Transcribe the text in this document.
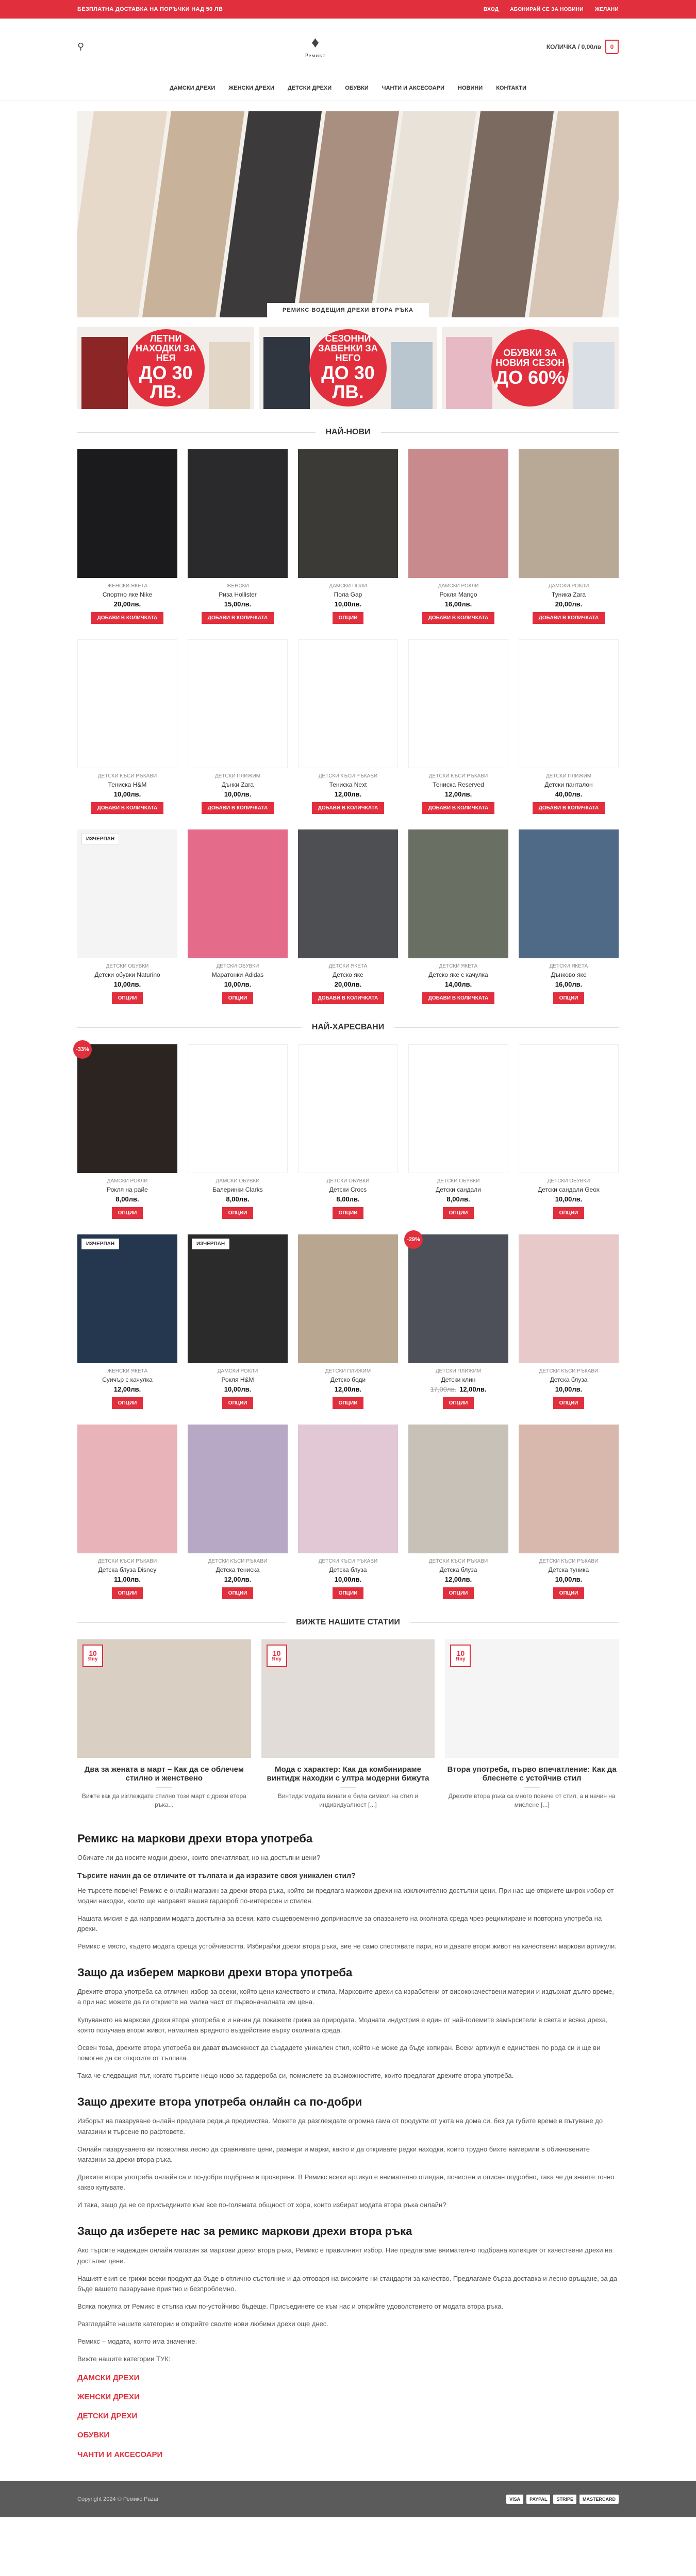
БЕЗПЛАТНА ДОСТАВКА НА ПОРЪЧКИ НАД 50 ЛВ	ВХОД АБОНИРАЙ СЕ ЗА НОВИНИ ЖЕЛАНИ
⚲	♦
Ремикс
КОЛИЧКА / 0,00лв	0
ДАМСКИ ДРЕХИ ЖЕНСКИ ДРЕХИ ДЕТСКИ ДРЕХИ ОБУВКИ ЧАНТИ И АКСЕСОАРИ НОВИНИ КОНТАКТИ
РЕМИКС ВОДЕЩИЯ ДРЕХИ ВТОРА РЪКА
ЛЕТНИ НАХОДКИ ЗА НЕЯ
ДО 30 ЛВ.
СЕЗОННИ ЗАВЕНКИ ЗА НЕГО
ДО 30 ЛВ.
ОБУВКИ ЗА НОВИЯ СЕЗОН
ДО 60%
НАЙ-НОВИ
ЖЕНСКИ ЯКЕТА
Спортно яке Nike
20,00лв.
ДОБАВИ В КОЛИЧКАТА
ЖЕНСКИ
Риза Hollister
15,00лв.
ДОБАВИ В КОЛИЧКАТА
ДАМСКИ ПОЛИ
Пола Gap
10,00лв.
ОПЦИИ
ДАМСКИ РОКЛИ
Рокля Mango
16,00лв.
ДОБАВИ В КОЛИЧКАТА
ДАМСКИ РОКЛИ
Туника Zara
20,00лв.
ДОБАВИ В КОЛИЧКАТА
ДЕТСКИ КЪСИ РЪКАВИ
Тениска H&M
10,00лв.
ДОБАВИ В КОЛИЧКАТА
ДЕТСКИ ПЛИЖИМ
Дънки Zara
10,00лв.
ДОБАВИ В КОЛИЧКАТА
ДЕТСКИ КЪСИ РЪКАВИ
Тениска Next
12,00лв.
ДОБАВИ В КОЛИЧКАТА
ДЕТСКИ КЪСИ РЪКАВИ
Тениска Reserved
12,00лв.
ДОБАВИ В КОЛИЧКАТА
ДЕТСКИ ПЛИЖИМ
Детски панталон
40,00лв.
ДОБАВИ В КОЛИЧКАТА
ИЗЧЕРПАН
ДЕТСКИ ОБУВКИ
Детски обувки Naturino
10,00лв.
ОПЦИИ
ДЕТСКИ ОБУВКИ
Маратонки Adidas
10,00лв.
ОПЦИИ
ДЕТСКИ ЯКЕТА
Детско яке
20,00лв.
ДОБАВИ В КОЛИЧКАТА
ДЕТСКИ ЯКЕТА
Детско яке с качулка
14,00лв.
ДОБАВИ В КОЛИЧКАТА
ДЕТСКИ ЯКЕТА
Дънково яке
16,00лв.
ОПЦИИ
НАЙ-ХАРЕСВАНИ
-33%
ДАМСКИ РОКЛИ
Рокля на райе
8,00лв.
ОПЦИИ
ДАМСКИ ОБУВКИ
Балеринки Clarks
8,00лв.
ОПЦИИ
ДЕТСКИ ОБУВКИ
Детски Crocs
8,00лв.
ОПЦИИ
ДЕТСКИ ОБУВКИ
Детски сандали
8,00лв.
ОПЦИИ
ДЕТСКИ ОБУВКИ
Детски сандали Geox
10,00лв.
ОПЦИИ
ИЗЧЕРПАН
ЖЕНСКИ ЯКЕТА
Суичър с качулка
12,00лв.
ОПЦИИ
ИЗЧЕРПАН
ДАМСКИ РОКЛИ
Рокля H&M
10,00лв.
ОПЦИИ
ДЕТСКИ ПЛИЖИМ
Детско боди
12,00лв.
ОПЦИИ
-29%
ДЕТСКИ ПЛИЖИМ
Детски клин
17,00лв. 12,00лв.
ОПЦИИ
ДЕТСКИ КЪСИ РЪКАВИ
Детска блуза
10,00лв.
ОПЦИИ
ДЕТСКИ КЪСИ РЪКАВИ
Детска блуза Disney
11,00лв.
ОПЦИИ
ДЕТСКИ КЪСИ РЪКАВИ
Детска тениска
12,00лв.
ОПЦИИ
ДЕТСКИ КЪСИ РЪКАВИ
Детска блуза
10,00лв.
ОПЦИИ
ДЕТСКИ КЪСИ РЪКАВИ
Детска блуза
12,00лв.
ОПЦИИ
ДЕТСКИ КЪСИ РЪКАВИ
Детска туника
10,00лв.
ОПЦИИ
ВИЖТЕ НАШИТЕ СТАТИИ
10
Яну
Два за жената в март – Как да се облечем стилно и женствено

Вижте как да изглеждате стилно този март с дрехи втора ръка...

10
Яну
Мода с характер: Как да комбинираме винтидж находки с ултра модерни бижута

Винтидж модата винаги е била символ на стил и индивидуалност [...]

10
Яну
Втора употреба, първо впечатление: Как да блеснете с устойчив стил

Дрехите втора ръка са много повече от стил, а и начин на мислене [...]

Ремикс на маркови дрехи втора употреба

Обичате ли да носите модни дрехи, които впечатляват, но на достъпни цени?

Търсите начин да се отличите от тълпата и да изразите своя уникален стил?

Не търсете повече! Ремикс е онлайн магазин за дрехи втора ръка, който ви предлага маркови дрехи на изключително достъпни цени. При нас ще откриете широк избор от модни находки, които ще направят вашия гардероб по-интересен и стилен.

Нашата мисия е да направим модата достъпна за всеки, като същевременно допринасяме за опазването на околната среда чрез рециклиране и повторна употреба на дрехи.

Ремикс е място, където модата среща устойчивостта. Избирайки дрехи втора ръка, вие не само спестявате пари, но и давате втори живот на качествени маркови артикули.

Защо да изберем маркови дрехи втора употреба

Дрехите втора употреба са отличен избор за всеки, който цени качеството и стила. Марковите дрехи са изработени от висококачествени материи и издържат дълго време, а при нас можете да ги откриете на малка част от първоначалната им цена.

Купуването на маркови дрехи втора употреба е и начин да покажете грижа за природата. Модната индустрия е един от най-големите замърсители в света и всяка дреха, която получава втори живот, намалява вредното въздействие върху околната среда.

Освен това, дрехите втора употреба ви дават възможност да създадете уникален стил, който не може да бъде копиран. Всеки артикул е единствен по рода си и ще ви помогне да се откроите от тълпата.

Така че следващия път, когато търсите нещо ново за гардероба си, помислете за възможностите, които предлагат дрехите втора употреба.

Защо дрехите втора употреба онлайн са по-добри

Изборът на пазаруване онлайн предлага редица предимства. Можете да разглеждате огромна гама от продукти от уюта на дома си, без да губите време в пътуване до магазини и търсене по рафтовете.

Онлайн пазаруването ви позволява лесно да сравнявате цени, размери и марки, както и да откривате редки находки, които трудно бихте намерили в обикновените магазини за дрехи втора ръка.

Дрехите втора употреба онлайн са и по-добре подбрани и проверени. В Ремикс всеки артикул е внимателно огледан, почистен и описан подробно, така че да знаете точно какво купувате.

И така, защо да не се присъедините към все по-голямата общност от хора, които избират модата втора ръка онлайн?

Защо да изберете нас за ремикс маркови дрехи втора ръка

Ако търсите надежден онлайн магазин за маркови дрехи втора ръка, Ремикс е правилният избор. Ние предлагаме внимателно подбрана колекция от качествени дрехи на достъпни цени.

Нашият екип се грижи всеки продукт да бъде в отлично състояние и да отговаря на високите ни стандарти за качество. Предлагаме бърза доставка и лесно връщане, за да бъде вашето пазаруване приятно и безпроблемно.

Всяка покупка от Ремикс е стъпка към по-устойчиво бъдеще. Присъединете се към нас и открийте удоволствието от модата втора ръка.

Разгледайте нашите категории и открийте своите нови любими дрехи още днес.

Ремикс – модата, която има значение.

Вижте нашите категории ТУК:

ДАМСКИ ДРЕХИ
ЖЕНСКИ ДРЕХИ
ДЕТСКИ ДРЕХИ
ОБУВКИ
ЧАНТИ И АКСЕСОАРИ
Copyright 2024 © Ремикс Pazar	VISA	PAYPAL	STRIPE	MASTERCARD
